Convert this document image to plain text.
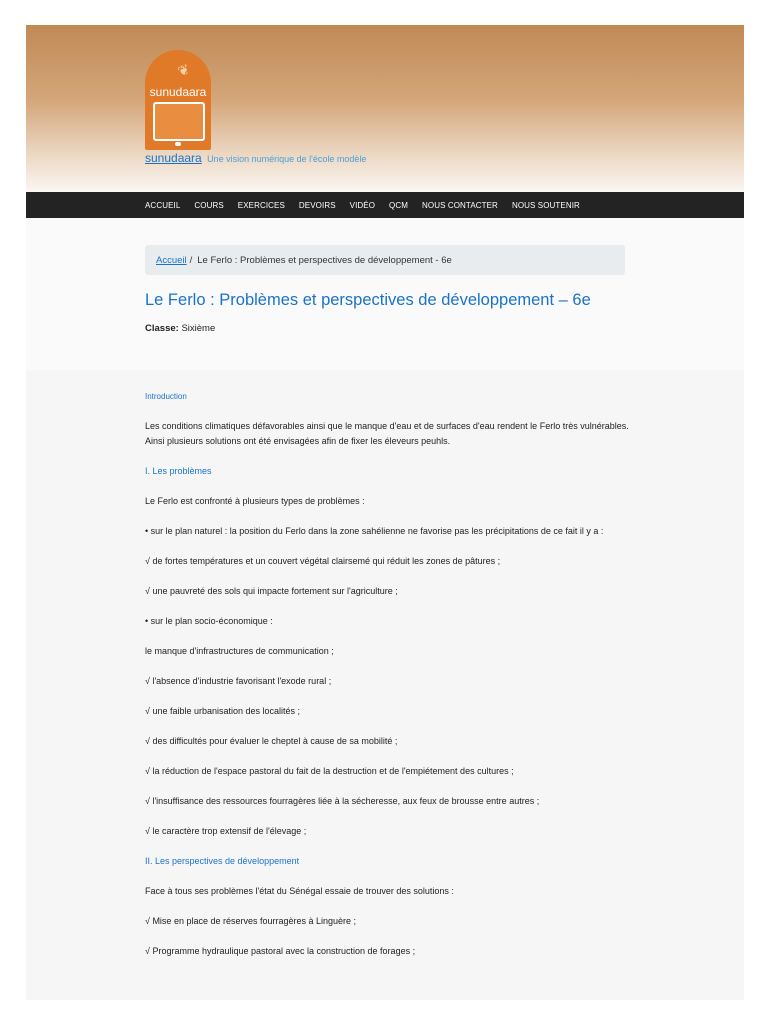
❦
sunudaara
sunudaara Une vision numérique de l'école modèle
ACCUEIL COURS EXERCICES DEVOIRS VIDÉO QCM NOUS CONTACTER NOUS SOUTENIR
Accueil / Le Ferlo : Problèmes et perspectives de développement - 6e
Le Ferlo : Problèmes et perspectives de développement – 6e
Classe: Sixième
Introduction

Les conditions climatiques défavorables ainsi que le manque d'eau et de surfaces d'eau rendent le Ferlo très vulnérables. Ainsi plusieurs solutions ont été envisagées afin de fixer les éleveurs peuhls.

I. Les problèmes

Le Ferlo est confronté à plusieurs types de problèmes :

• sur le plan naturel : la position du Ferlo dans la zone sahélienne ne favorise pas les précipitations de ce fait il y a :

√ de fortes températures et un couvert végétal clairsemé qui réduit les zones de pâtures ;

√ une pauvreté des sols qui impacte fortement sur l'agriculture ;

• sur le plan socio-économique :

le manque d'infrastructures de communication ;

√ l'absence d'industrie favorisant l'exode rural ;

√ une faible urbanisation des localités ;

√ des difficultés pour évaluer le cheptel à cause de sa mobilité ;

√ la réduction de l'espace pastoral du fait de la destruction et de l'empiétement des cultures ;

√ l'insuffisance des ressources fourragères liée à la sécheresse, aux feux de brousse entre autres ;

√ le caractère trop extensif de l'élevage ;

II. Les perspectives de développement

Face à tous ses problèmes l'état du Sénégal essaie de trouver des solutions :

√ Mise en place de réserves fourragères à Linguère ;

√ Programme hydraulique pastoral avec la construction de forages ;
